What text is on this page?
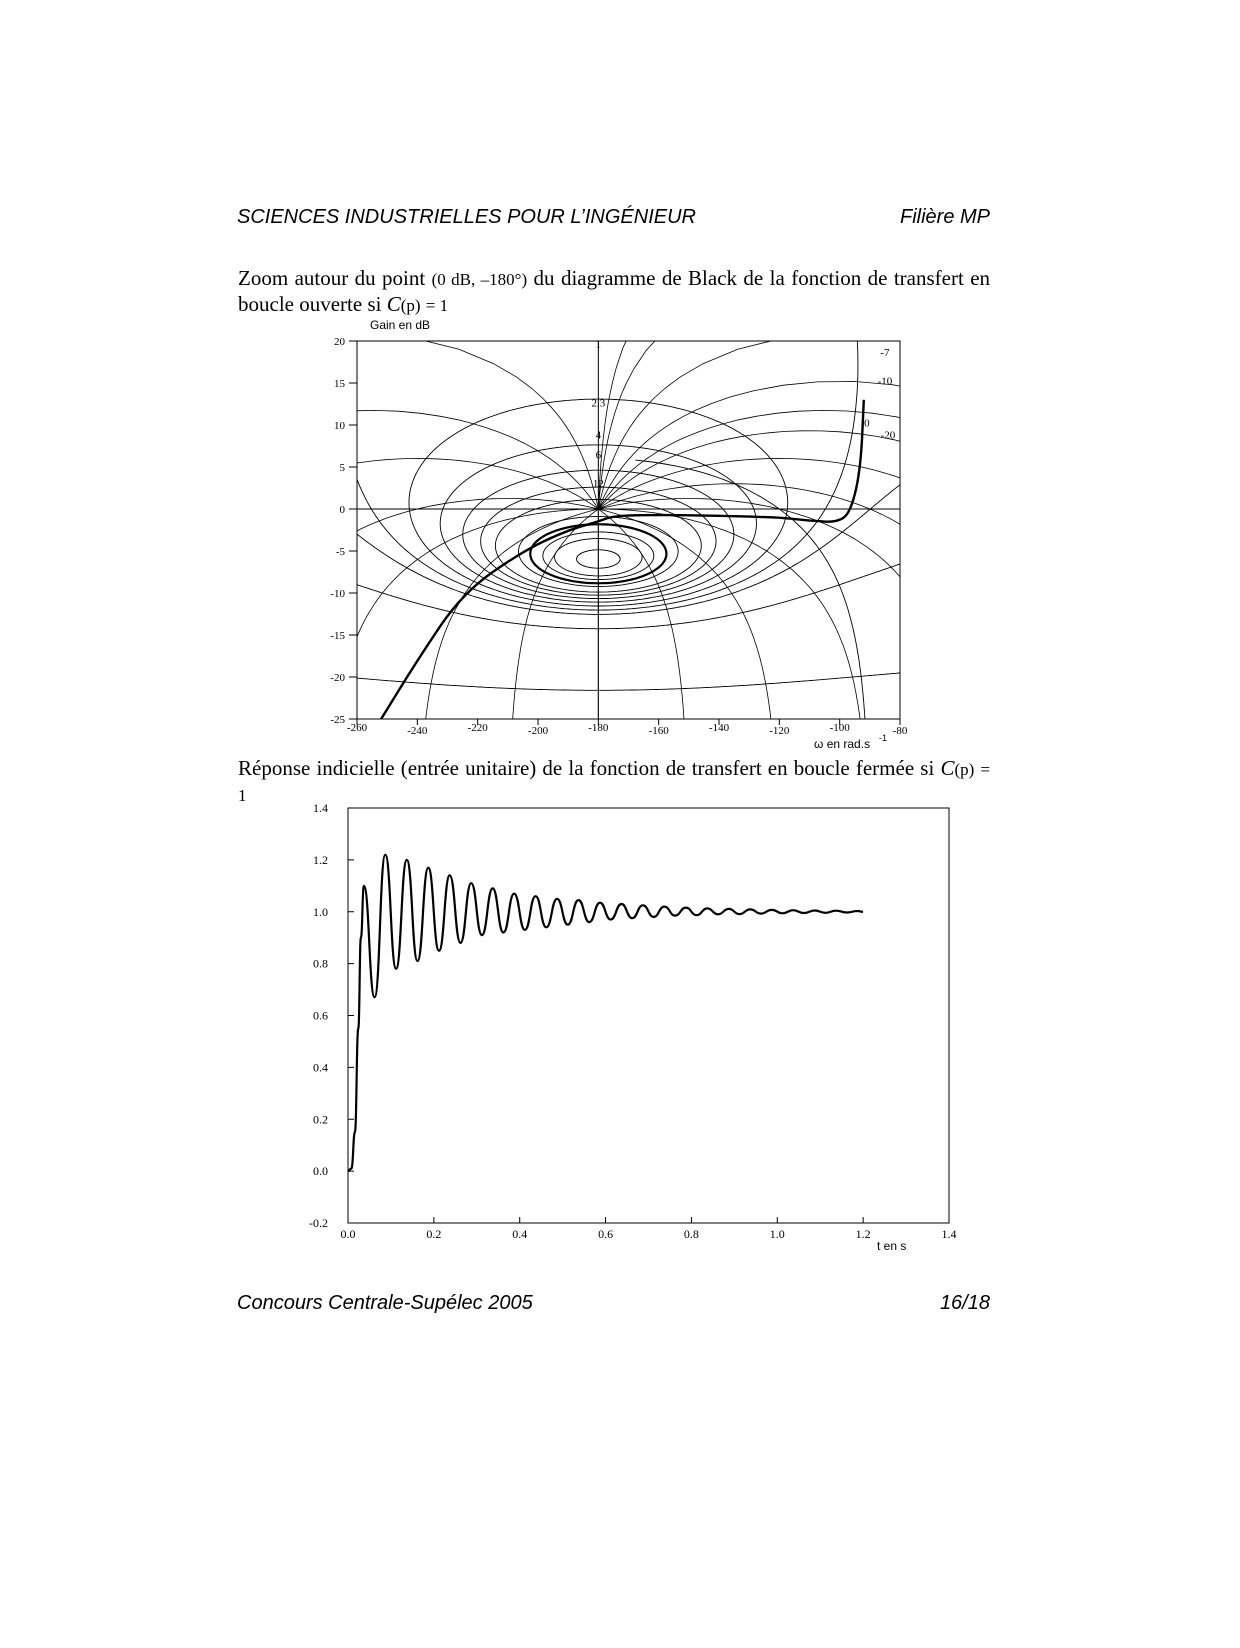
SCIENCES INDUSTRIELLES POUR L’INGÉNIEUR	Filière MP
Zoom autour du point (0 dB, –180°) du diagramme de Black de la fonction de transfert en boucle ouverte si C(p) = 1
Gain en dB
20
15
10
5
0
-5
-10
-15
-20
-25
-260	-240	-220	-200	-180	-160	-140	-120	-100	-80
ω en rad.s -1
1
2.3
4
6
12
0
-7
-10
-20
Réponse indicielle (entrée unitaire) de la fonction de transfert en boucle fermée si C(p) = 1
1.4
1.2
1.0
0.8
0.6
0.4
0.2
0.0
-0.2
0.0	0.2	0.4	0.6	0.8	1.0	1.2	1.4
t en s
Concours Centrale-Supélec 2005	16/18
